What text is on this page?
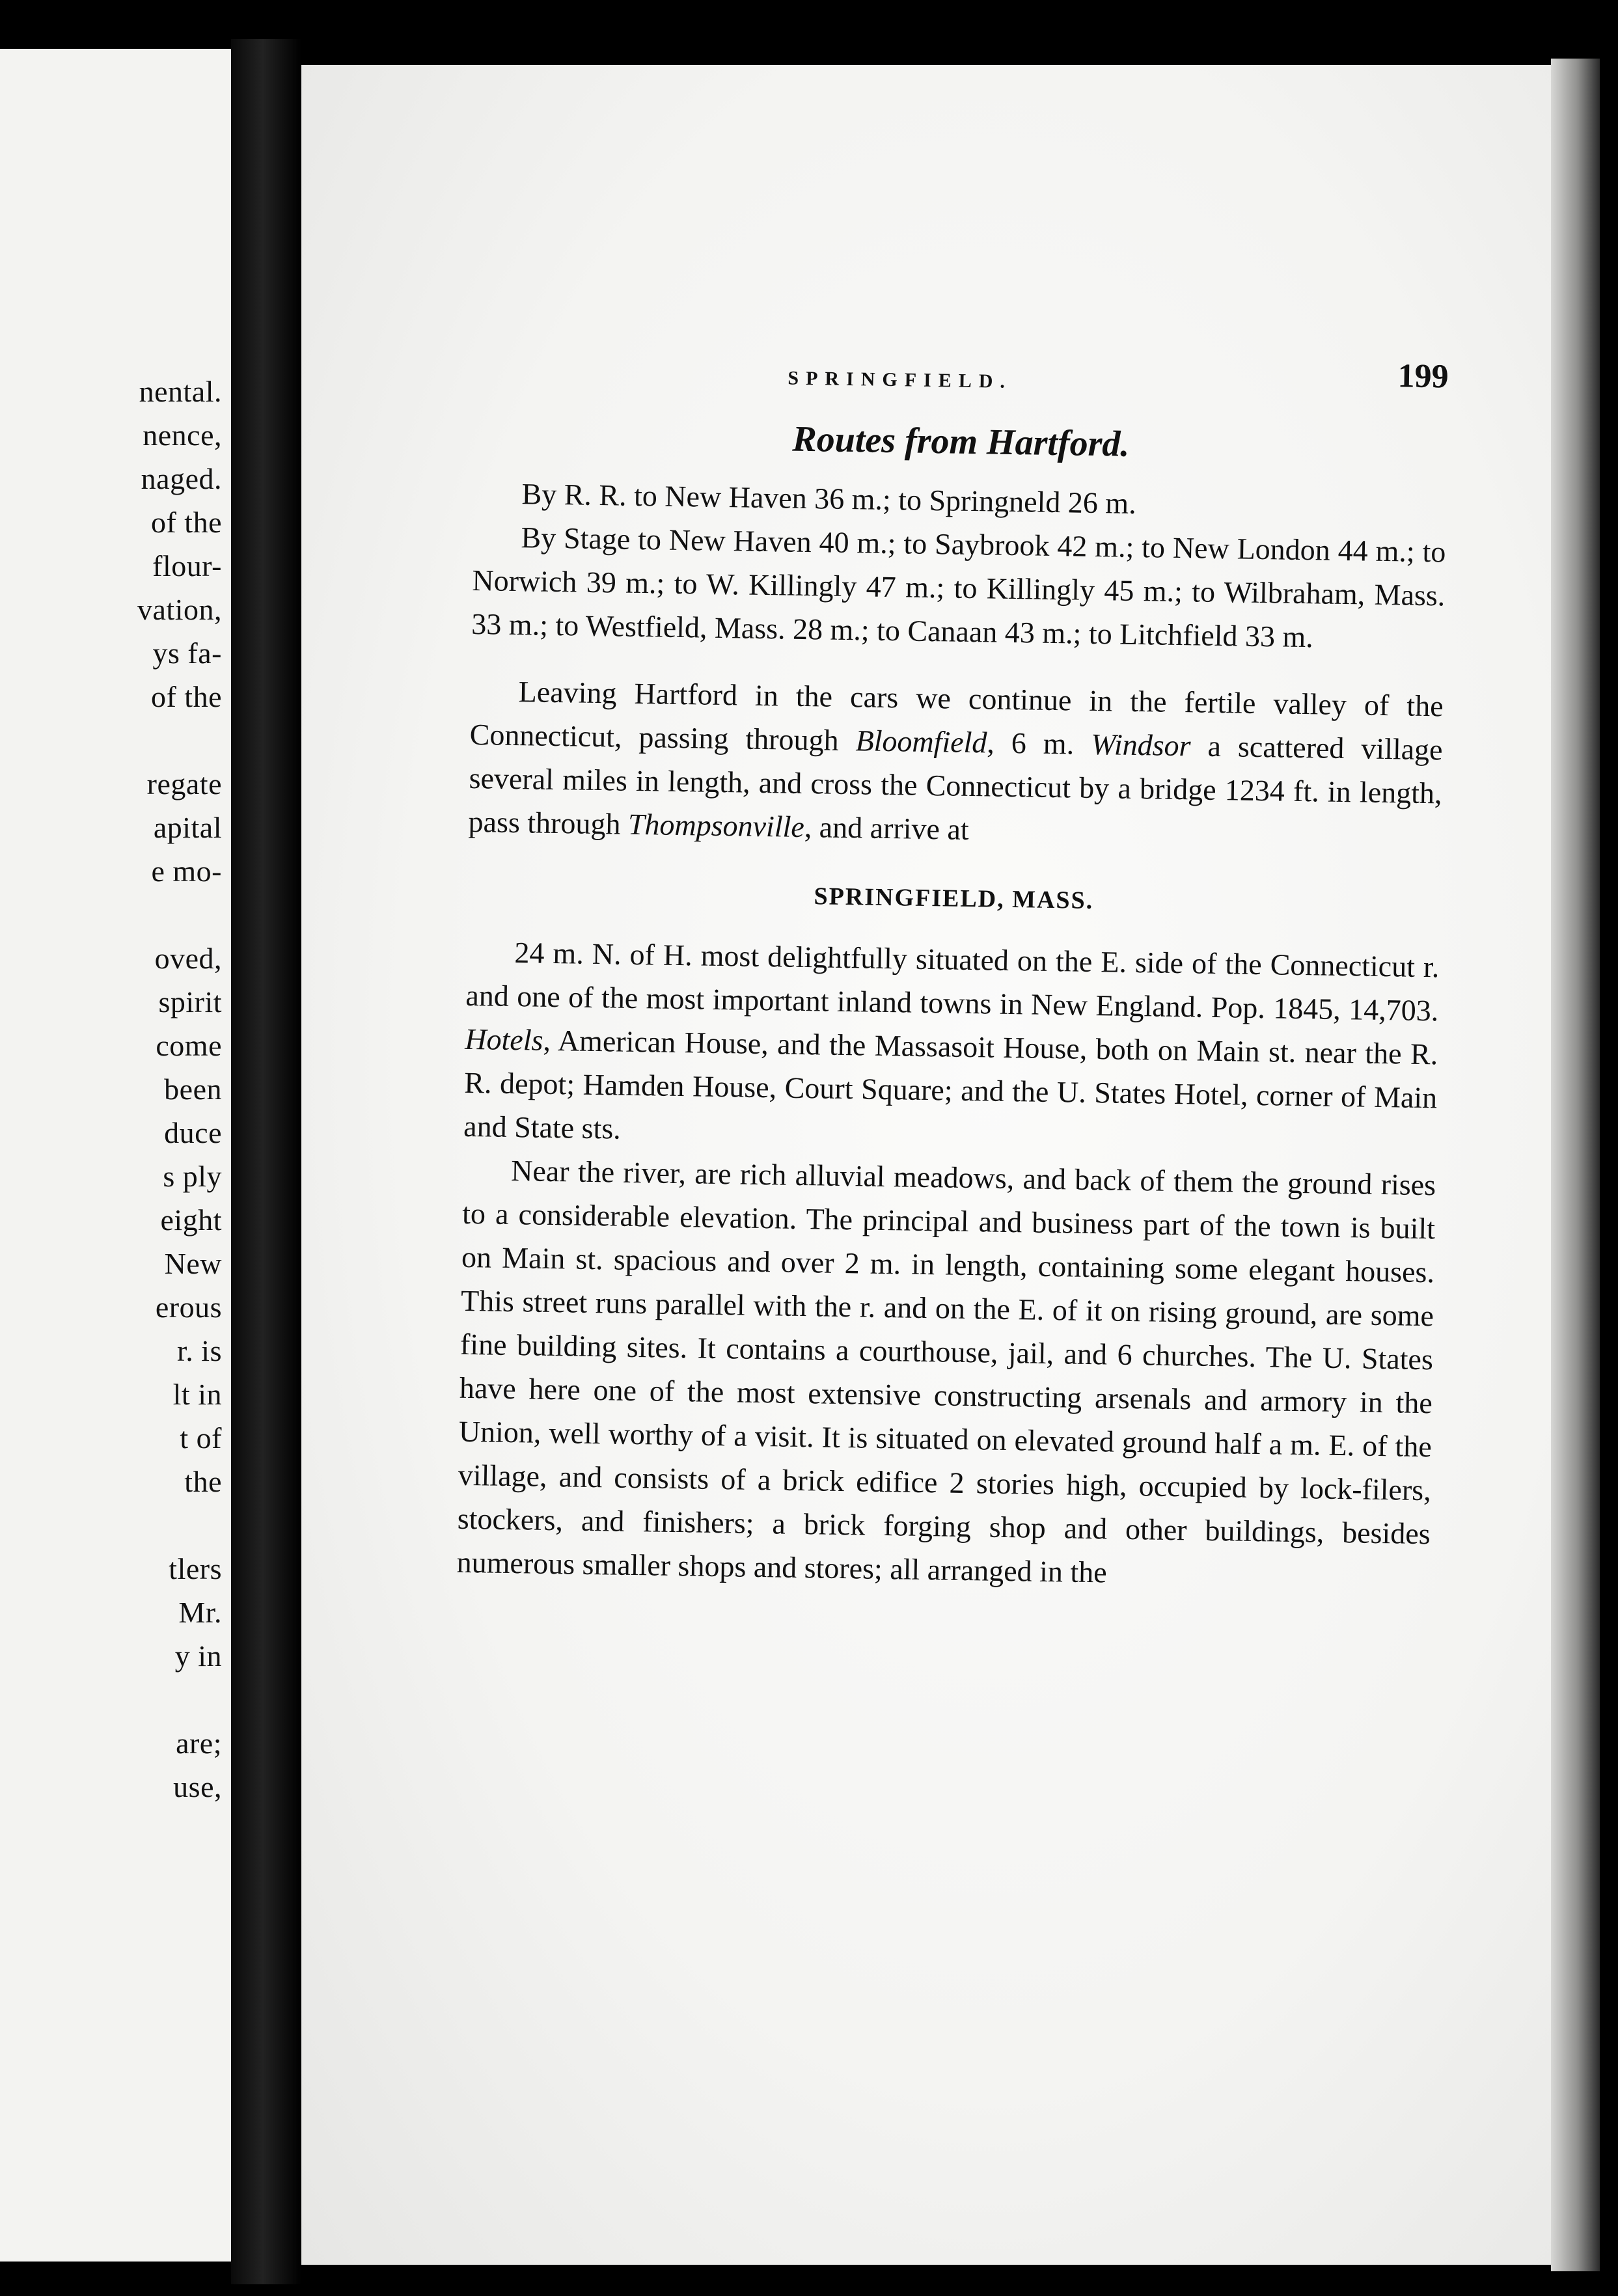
nental.
nence,
naged.
of the
flour-
vation,
ys fa-
of the
regate
apital
e mo-
oved,
spirit
come
been
duce
s ply
eight
New
erous
r. is
lt in
t of
the
tlers
Mr.
y in
are;
use,
SPRINGFIELD.	199
Routes from Hartford.

By R. R. to New Haven 36 m.; to Springneld 26 m.

By Stage to New Haven 40 m.; to Saybrook 42 m.; to New London 44 m.; to Norwich 39 m.; to W. Killingly 47 m.; to Killingly 45 m.; to Wilbraham, Mass. 33 m.; to Westfield, Mass. 28 m.; to Canaan 43 m.; to Litchfield 33 m.

Leaving Hartford in the cars we continue in the fertile valley of the Connecticut, passing through Bloomfield, 6 m. Windsor a scattered village several miles in length, and cross the Connecticut by a bridge 1234 ft. in length, pass through Thompsonville, and arrive at

SPRINGFIELD, MASS.

24 m. N. of H. most delightfully situated on the E. side of the Connecticut r. and one of the most important inland towns in New England. Pop. 1845, 14,703. Hotels, American House, and the Massasoit House, both on Main st. near the R. R. depot; Hamden House, Court Square; and the U. States Hotel, corner of Main and State sts.

Near the river, are rich alluvial meadows, and back of them the ground rises to a considerable elevation. The principal and business part of the town is built on Main st. spacious and over 2 m. in length, containing some elegant houses. This street runs parallel with the r. and on the E. of it on rising ground, are some fine building sites. It contains a courthouse, jail, and 6 churches. The U. States have here one of the most extensive constructing arsenals and armory in the Union, well worthy of a visit. It is situated on elevated ground half a m. E. of the village, and consists of a brick edifice 2 stories high, occupied by lock-filers, stockers, and finishers; a brick forging shop and other buildings, besides numerous smaller shops and stores; all arranged in the
